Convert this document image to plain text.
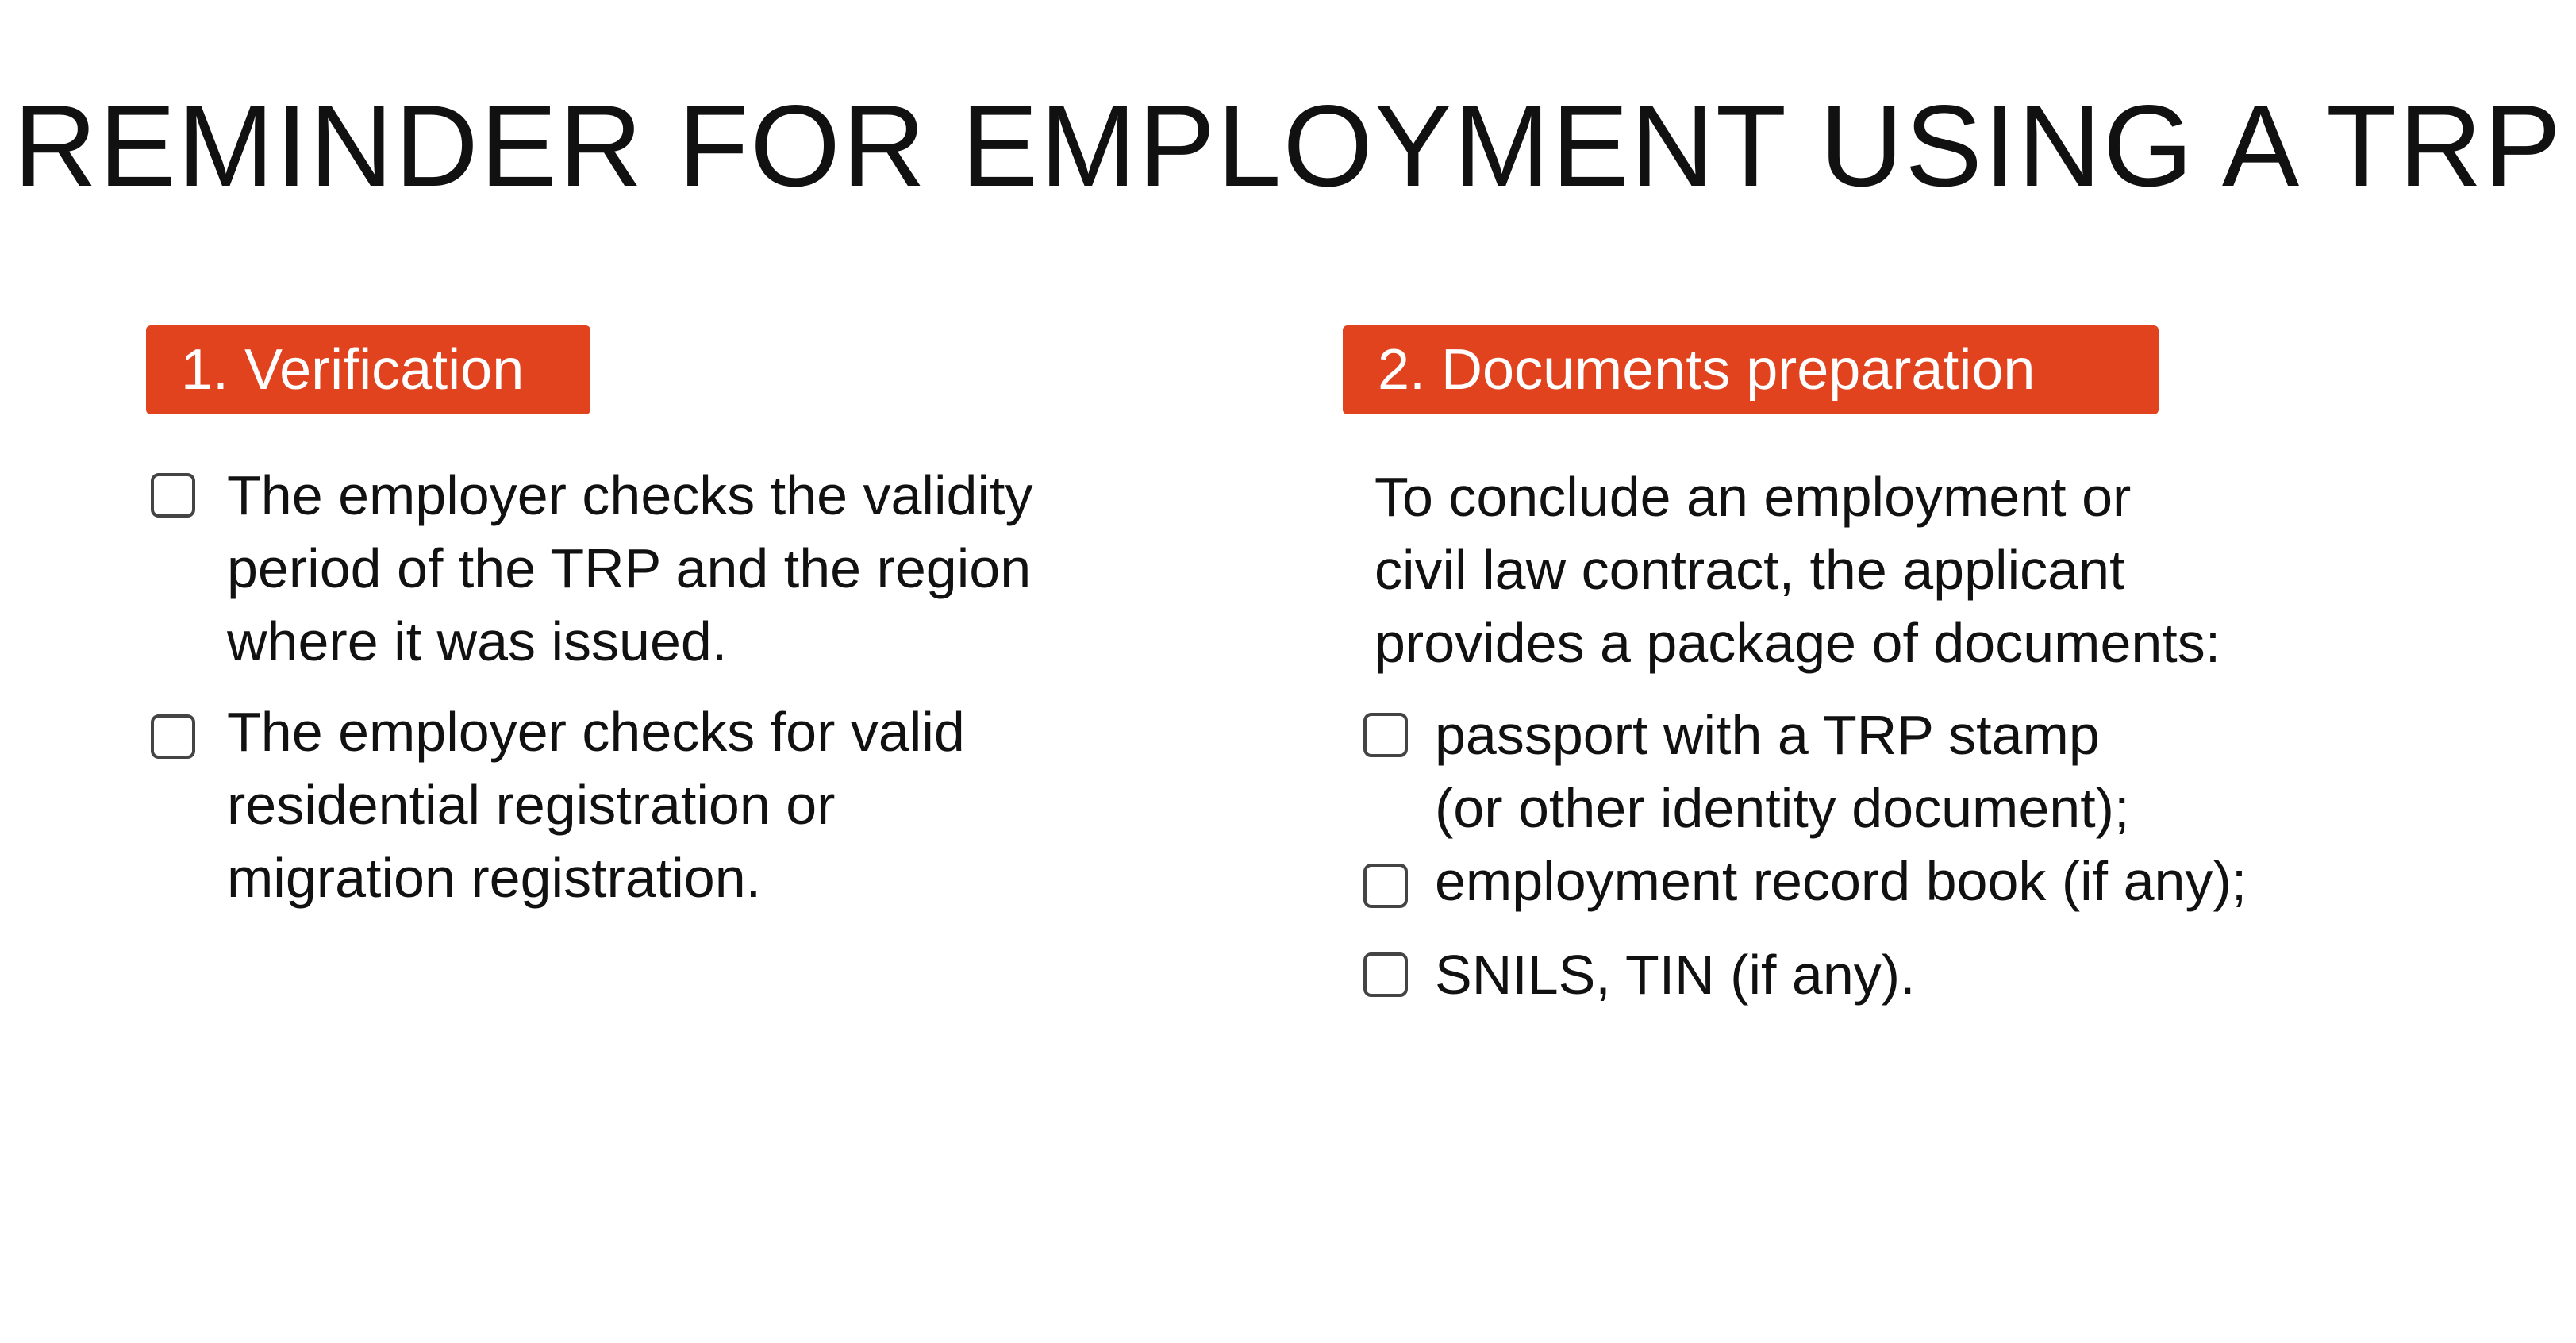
REMINDER FOR EMPLOYMENT USING A TRP
1. Verification
The employer checks the validity
period of the TRP and the region
where it was issued.
The employer checks for valid
residential registration or
migration registration.
2. Documents preparation
To conclude an employment or
civil law contract, the applicant
provides a package of documents:
passport with a TRP stamp
(or other identity document);
employment record book (if any);
SNILS, TIN (if any).
